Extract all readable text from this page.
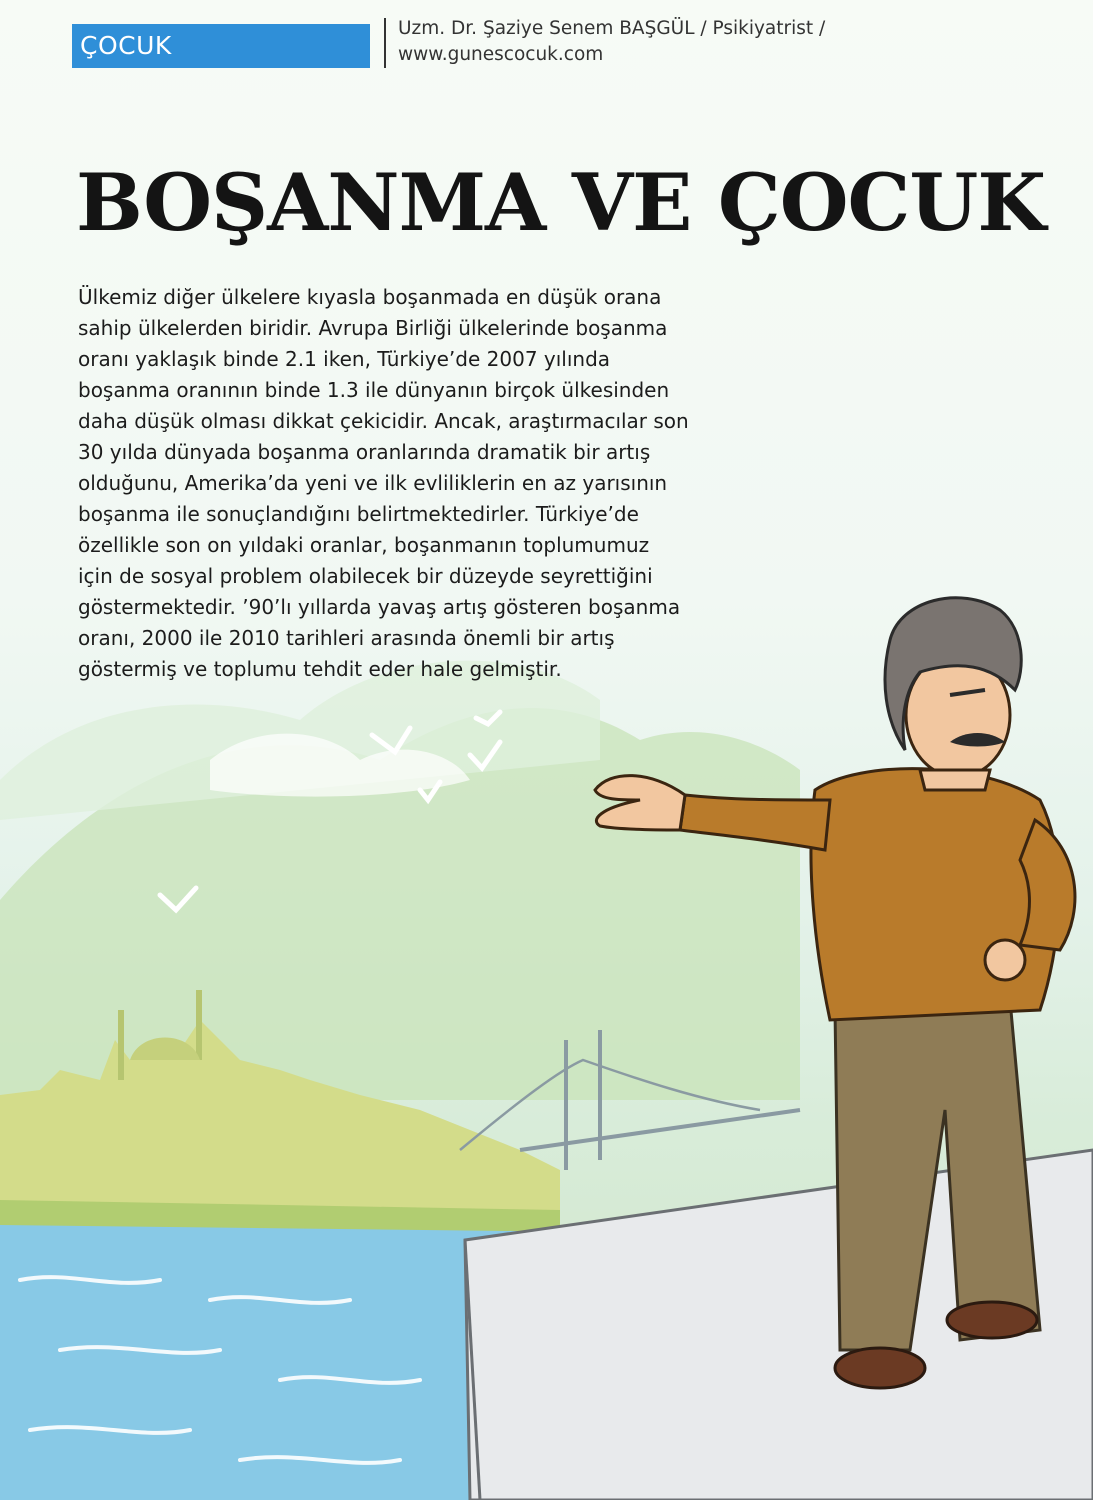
ÇOCUK
Uzm. Dr. Şaziye Senem BAŞGÜL / Psikiyatrist /
www.gunescocuk.com
BOŞANMA VE ÇOCUK
Ülkemiz diğer ülkelere kıyasla boşanmada en düşük orana
sahip ülkelerden biridir. Avrupa Birliği ülkelerinde boşanma
oranı yaklaşık binde 2.1 iken, Türkiye’de 2007 yılında
boşanma oranının binde 1.3 ile dünyanın birçok ülkesinden
daha düşük olması dikkat çekicidir. Ancak, araştırmacılar son
30 yılda dünyada boşanma oranlarında dramatik bir artış
olduğunu, Amerika’da yeni ve ilk evliliklerin en az yarısının
boşanma ile sonuçlandığını belirtmektedirler. Türkiye’de
özellikle son on yıldaki oranlar, boşanmanın toplumumuz
için de sosyal problem olabilecek bir düzeyde seyrettiğini
göstermektedir. ’90’lı yıllarda yavaş artış gösteren boşanma
oranı, 2000 ile 2010 tarihleri arasında önemli bir artış
göstermiş ve toplumu tehdit eder hale gelmiştir.
